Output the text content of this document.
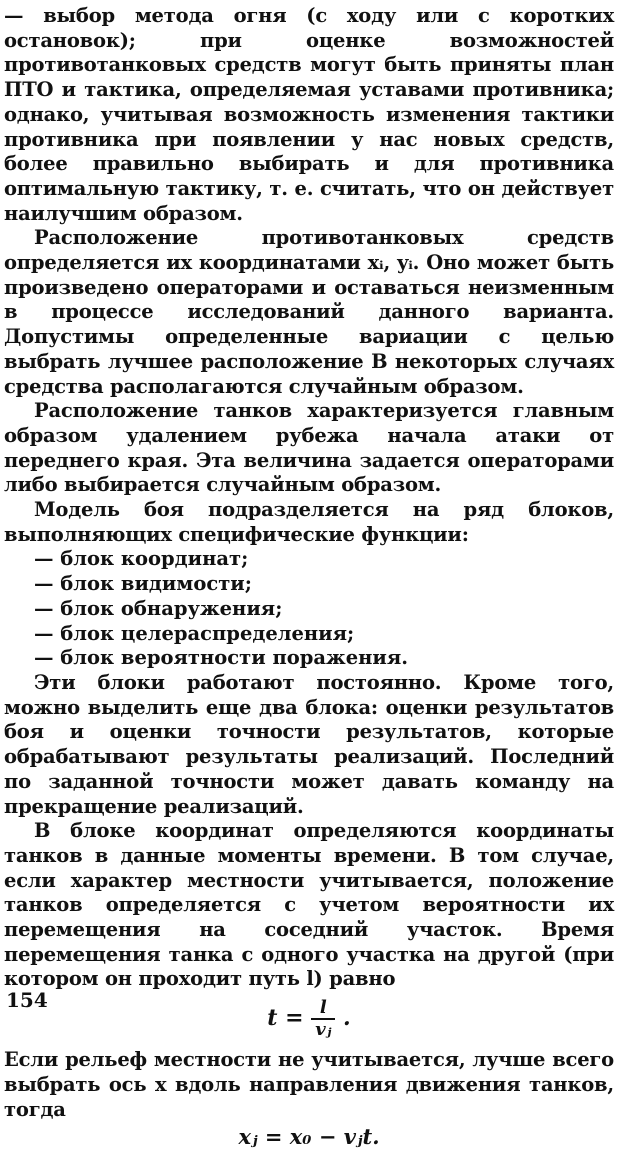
— выбор метода огня (с ходу или с коротких остановок); при оценке возможностей противотанковых средств могут быть приняты план ПТО и тактика, определяемая уставами противника; однако, учитывая возможность изменения тактики противника при появлении у нас новых средств, более правильно выбирать и для противника оптимальную тактику, т. е. считать, что он действует наилучшим образом.

Расположение противотанковых средств определяется их координатами xᵢ, yᵢ. Оно может быть произведено операторами и оставаться неизменным в процессе исследований данного варианта. Допустимы определенные вариации с целью выбрать лучшее расположение В некоторых случаях средства располагаются случайным образом.

Расположение танков характеризуется главным образом удалением рубежа начала атаки от переднего края. Эта величина задается операторами либо выбирается случайным образом.

Модель боя подразделяется на ряд блоков, выполняющих специфические функции:

— блок координат;
— блок видимости;
— блок обнаружения;
— блок целераспределения;
— блок вероятности поражения.

Эти блоки работают постоянно. Кроме того, можно выделить еще два блока: оценки результатов боя и оценки точности результатов, которые обрабатывают результаты реализаций. Последний по заданной точности может давать команду на прекращение реализаций.

В блоке координат определяются координаты танков в данные моменты времени. В том случае, если характер местности учитывается, положение танков определяется с учетом вероятности их перемещения на соседний участок. Время перемещения танка с одного участка на другой (при котором он проходит путь l) равно

$t = \frac{l}{\text{vⱼ}}$ .

Если рельеф местности не учитывается, лучше всего выбрать ось x вдоль направления движения танков, тогда

xⱼ = x₀ − vⱼt.
154
